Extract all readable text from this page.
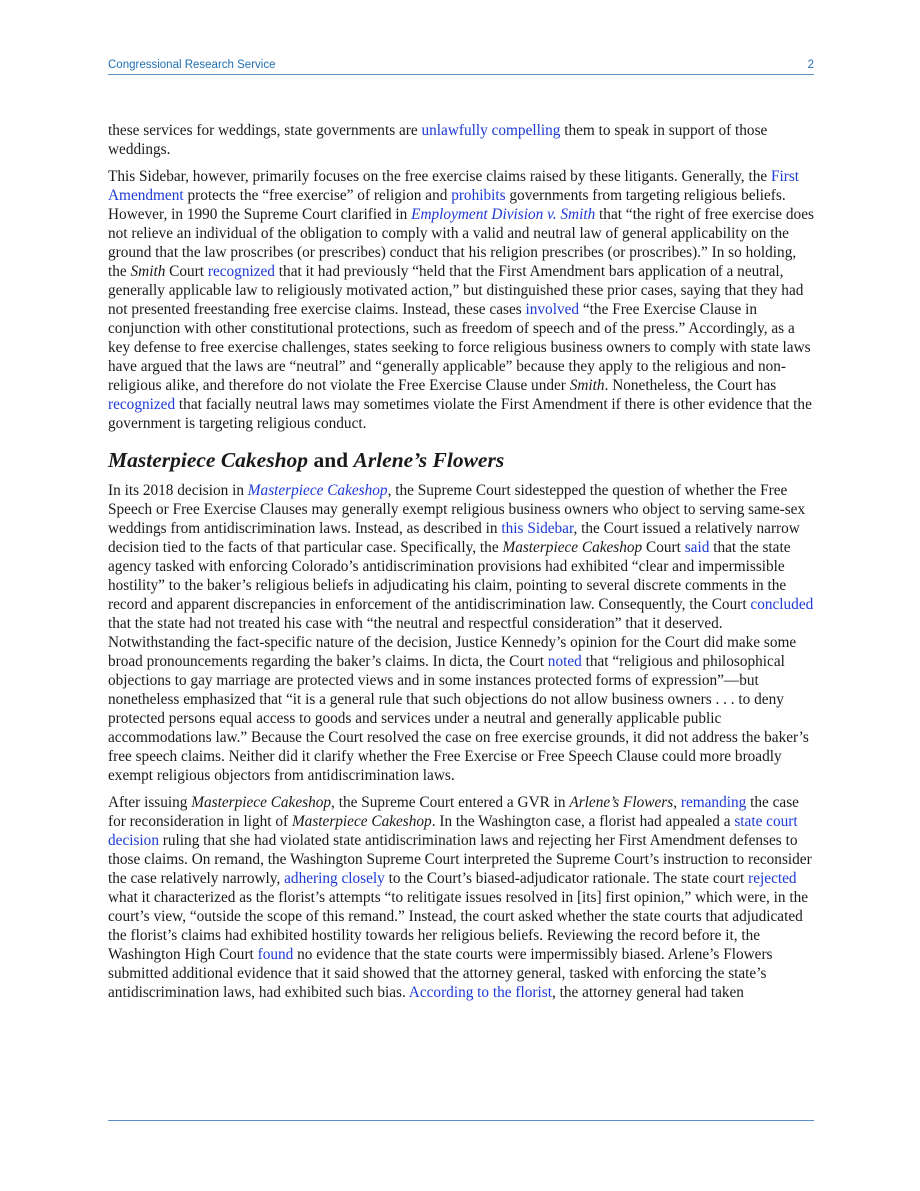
Congressional Research Service	2

these services for weddings, state governments are unlawfully compelling them to speak in support of those weddings.

This Sidebar, however, primarily focuses on the free exercise claims raised by these litigants. Generally, the First Amendment protects the “free exercise” of religion and prohibits governments from targeting religious beliefs. However, in 1990 the Supreme Court clarified in Employment Division v. Smith that “the right of free exercise does not relieve an individual of the obligation to comply with a valid and neutral law of general applicability on the ground that the law proscribes (or prescribes) conduct that his religion prescribes (or proscribes).” In so holding, the Smith Court recognized that it had previously “held that the First Amendment bars application of a neutral, generally applicable law to religiously motivated action,” but distinguished these prior cases, saying that they had not presented freestanding free exercise claims. Instead, these cases involved “the Free Exercise Clause in conjunction with other constitutional protections, such as freedom of speech and of the press.” Accordingly, as a key defense to free exercise challenges, states seeking to force religious business owners to comply with state laws have argued that the laws are “neutral” and “generally applicable” because they apply to the religious and non-religious alike, and therefore do not violate the Free Exercise Clause under Smith. Nonetheless, the Court has recognized that facially neutral laws may sometimes violate the First Amendment if there is other evidence that the government is targeting religious conduct.

Masterpiece Cakeshop and Arlene’s Flowers

In its 2018 decision in Masterpiece Cakeshop, the Supreme Court sidestepped the question of whether the Free Speech or Free Exercise Clauses may generally exempt religious business owners who object to serving same-sex weddings from antidiscrimination laws. Instead, as described in this Sidebar, the Court issued a relatively narrow decision tied to the facts of that particular case. Specifically, the Masterpiece Cakeshop Court said that the state agency tasked with enforcing Colorado’s antidiscrimination provisions had exhibited “clear and impermissible hostility” to the baker’s religious beliefs in adjudicating his claim, pointing to several discrete comments in the record and apparent discrepancies in enforcement of the antidiscrimination law. Consequently, the Court concluded that the state had not treated his case with “the neutral and respectful consideration” that it deserved. Notwithstanding the fact-specific nature of the decision, Justice Kennedy’s opinion for the Court did make some broad pronouncements regarding the baker’s claims. In dicta, the Court noted that “religious and philosophical objections to gay marriage are protected views and in some instances protected forms of expression”—but nonetheless emphasized that “it is a general rule that such objections do not allow business owners . . . to deny protected persons equal access to goods and services under a neutral and generally applicable public accommodations law.” Because the Court resolved the case on free exercise grounds, it did not address the baker’s free speech claims. Neither did it clarify whether the Free Exercise or Free Speech Clause could more broadly exempt religious objectors from antidiscrimination laws.

After issuing Masterpiece Cakeshop, the Supreme Court entered a GVR in Arlene’s Flowers, remanding the case for reconsideration in light of Masterpiece Cakeshop. In the Washington case, a florist had appealed a state court decision ruling that she had violated state antidiscrimination laws and rejecting her First Amendment defenses to those claims. On remand, the Washington Supreme Court interpreted the Supreme Court’s instruction to reconsider the case relatively narrowly, adhering closely to the Court’s biased-adjudicator rationale. The state court rejected what it characterized as the florist’s attempts “to relitigate issues resolved in [its] first opinion,” which were, in the court’s view, “outside the scope of this remand.” Instead, the court asked whether the state courts that adjudicated the florist’s claims had exhibited hostility towards her religious beliefs. Reviewing the record before it, the Washington High Court found no evidence that the state courts were impermissibly biased. Arlene’s Flowers submitted additional evidence that it said showed that the attorney general, tasked with enforcing the state’s antidiscrimination laws, had exhibited such bias. According to the florist, the attorney general had taken
